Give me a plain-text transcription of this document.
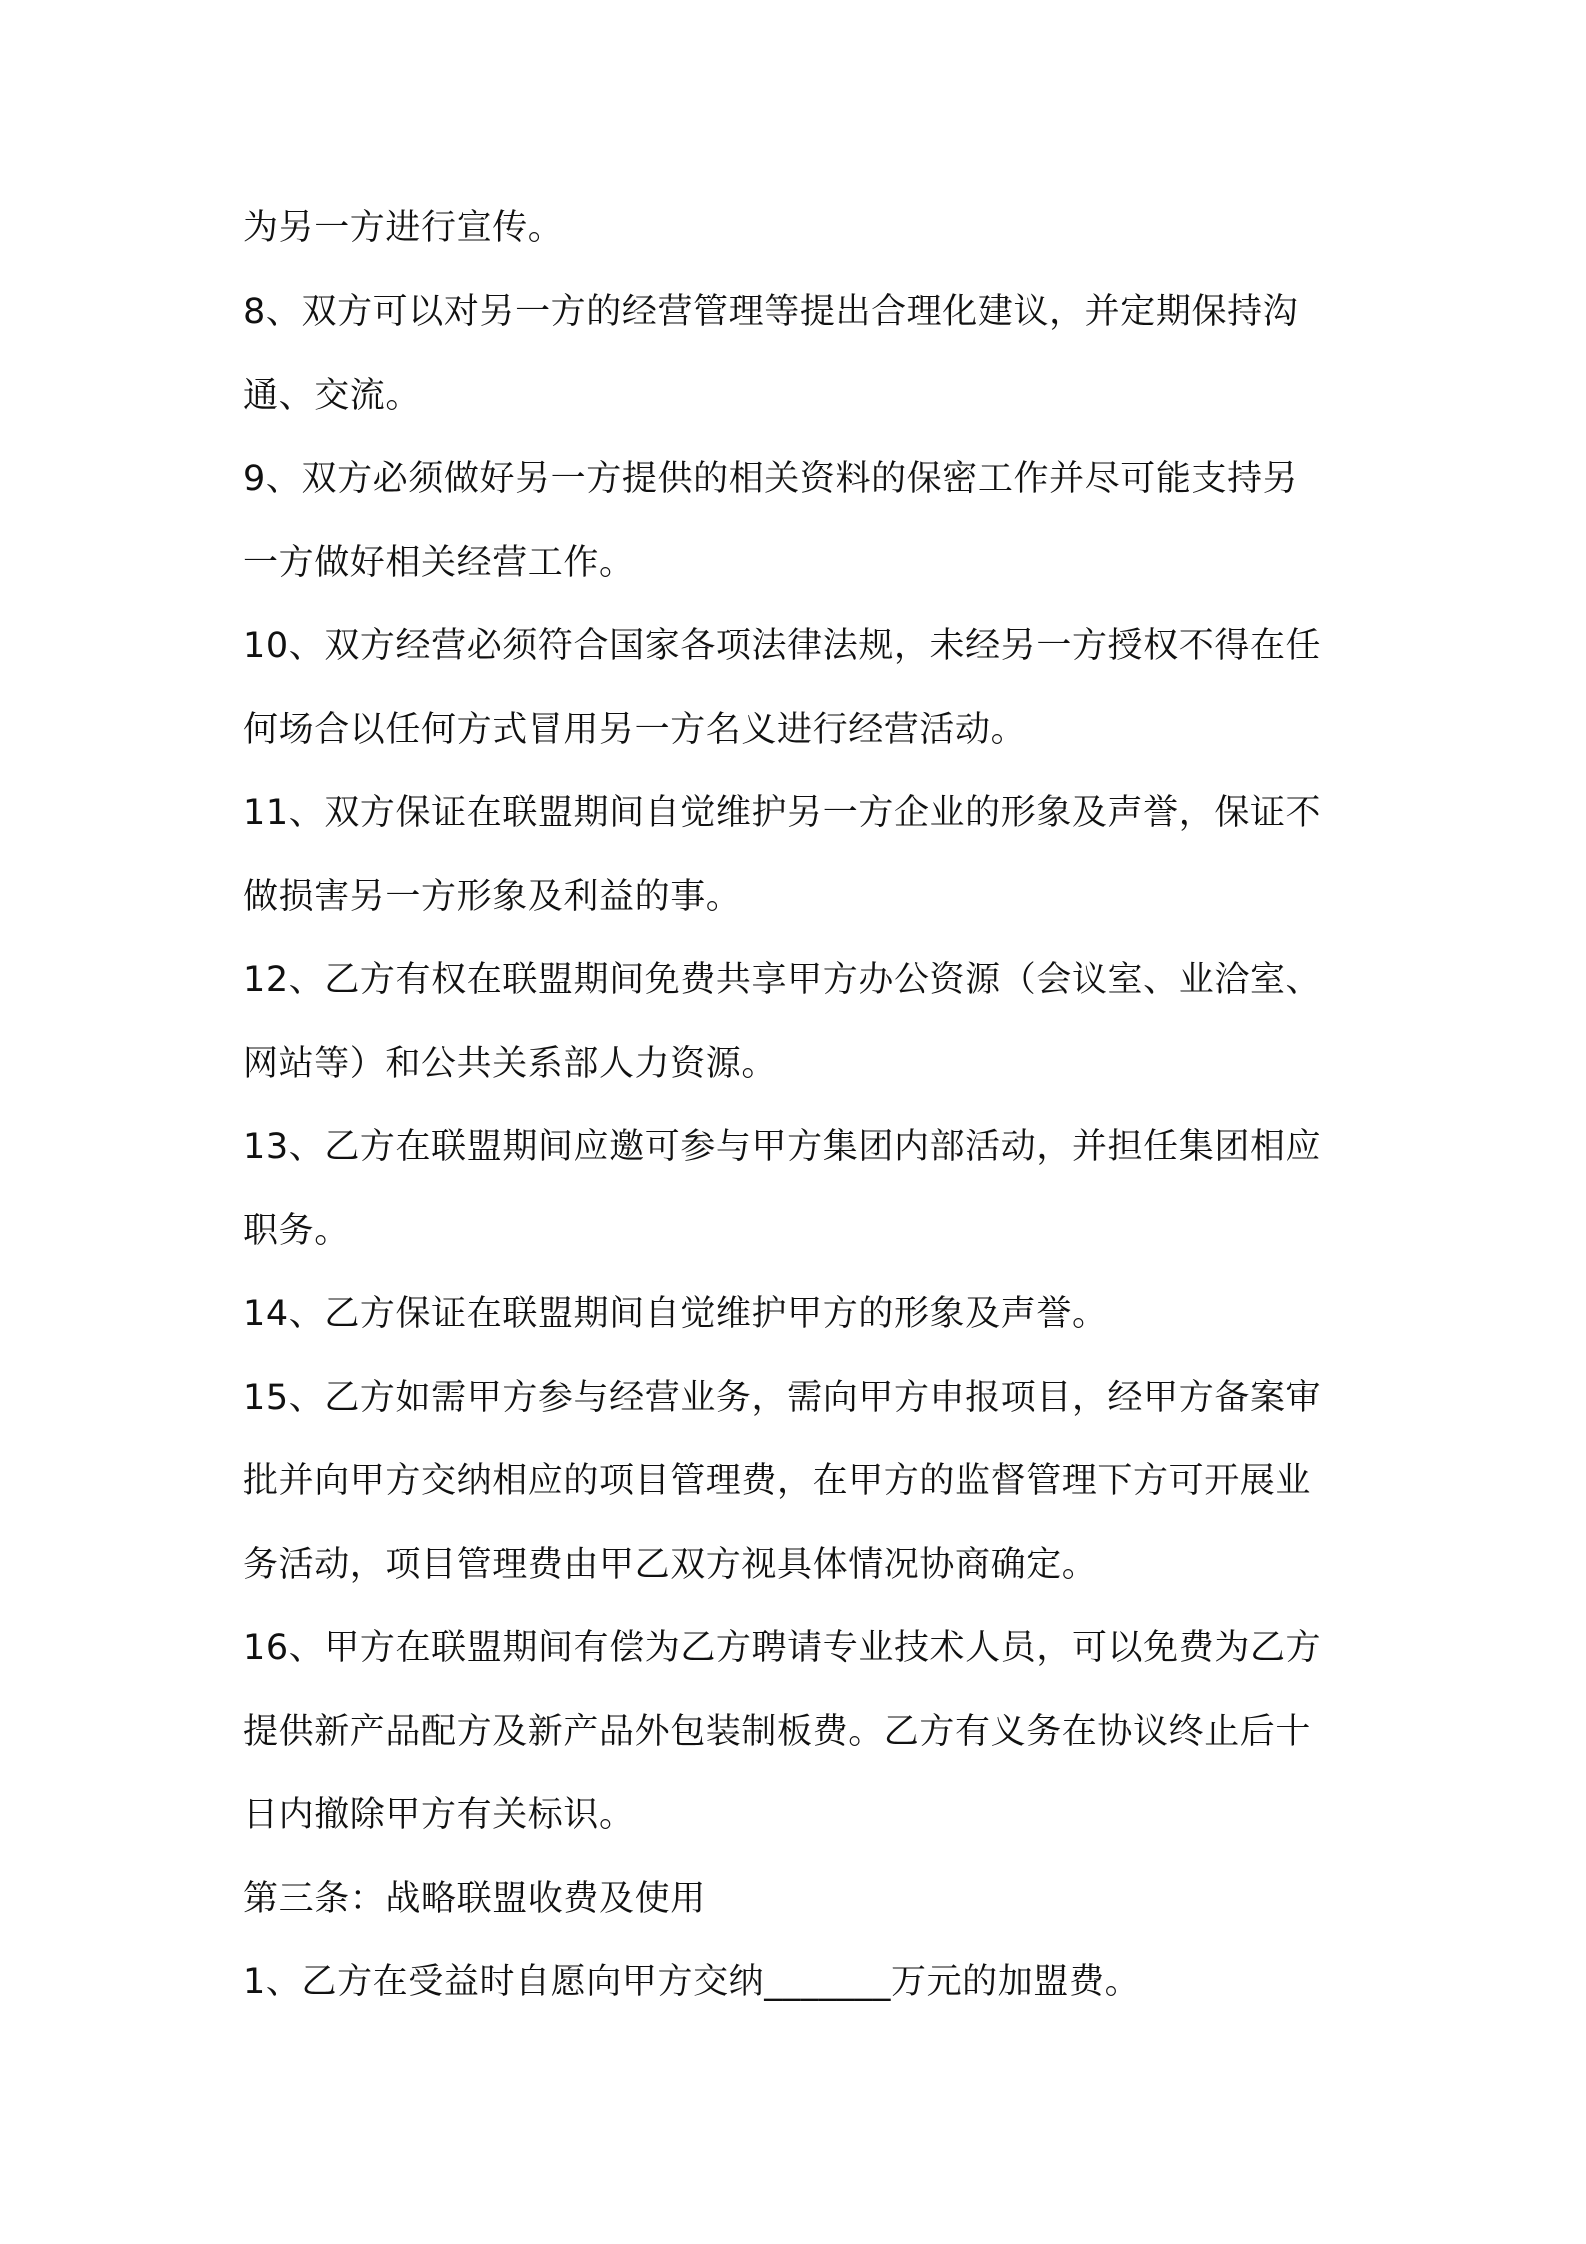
为另一方进行宣传。
8、双方可以对另一方的经营管理等提出合理化建议，并定期保持沟
通、交流。
9、双方必须做好另一方提供的相关资料的保密工作并尽可能支持另
一方做好相关经营工作。
10、双方经营必须符合国家各项法律法规，未经另一方授权不得在任
何场合以任何方式冒用另一方名义进行经营活动。
11、双方保证在联盟期间自觉维护另一方企业的形象及声誉，保证不
做损害另一方形象及利益的事。
12、乙方有权在联盟期间免费共享甲方办公资源（会议室、业洽室、
网站等）和公共关系部人力资源。
13、乙方在联盟期间应邀可参与甲方集团内部活动，并担任集团相应
职务。
14、乙方保证在联盟期间自觉维护甲方的形象及声誉。
15、乙方如需甲方参与经营业务，需向甲方申报项目，经甲方备案审
批并向甲方交纳相应的项目管理费，在甲方的监督管理下方可开展业
务活动，项目管理费由甲乙双方视具体情况协商确定。
16、甲方在联盟期间有偿为乙方聘请专业技术人员，可以免费为乙方
提供新产品配方及新产品外包装制板费。乙方有义务在协议终止后十
日内撤除甲方有关标识。
第三条：战略联盟收费及使用
1、乙方在受益时自愿向甲方交纳_______万元的加盟费。
